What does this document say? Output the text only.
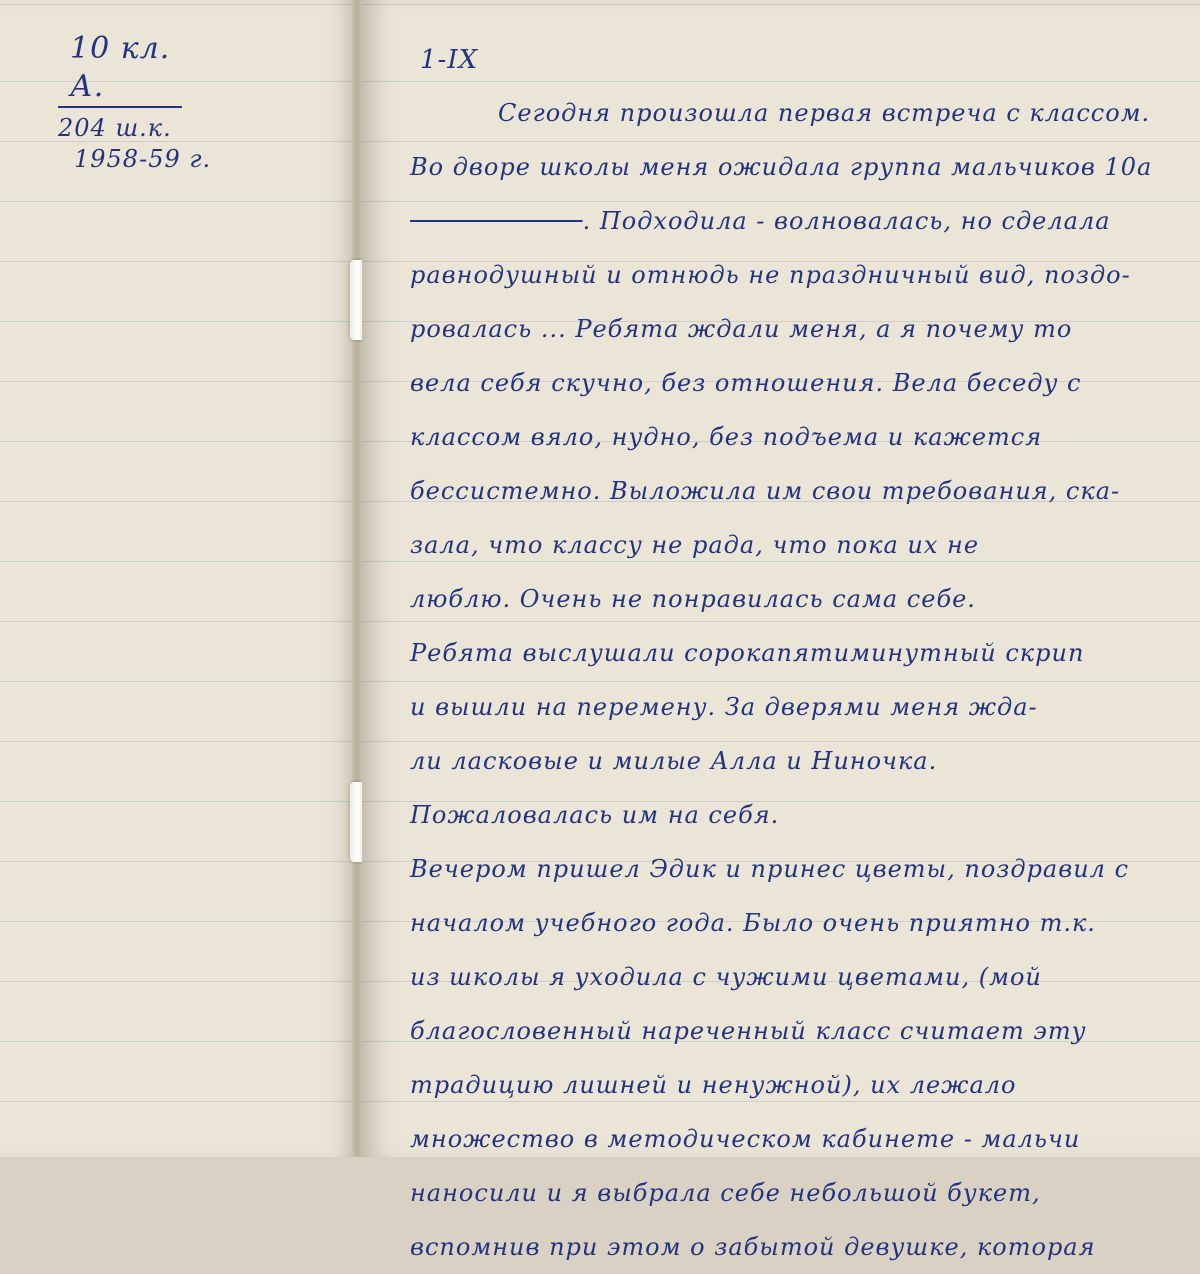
10 кл. А.
204 ш.к.
1958-59 г.
1-IX
Сегодня произошла первая встреча с классом.
Во дворе школы меня ожидала группа мальчиков 10а
. Подходила - волновалась, но сделала
равнодушный и отнюдь не праздничный вид, поздо-
ровалась ... Ребята ждали меня, а я почему то
вела себя скучно, без отношения. Вела беседу с
классом вяло, нудно, без подъема и кажется
бессистемно. Выложила им свои требования, ска-
зала, что классу не рада, что пока их не
люблю. Очень не понравилась сама себе.
Ребята выслушали сорокапятиминутный скрип
и вышли на перемену. За дверями меня жда-
ли ласковые и милые Алла и Ниночка.
Пожаловалась им на себя.
Вечером пришел Эдик и принес цветы, поздравил с
началом учебного года. Было очень приятно т.к.
из школы я уходила с чужими цветами, (мой
благословенный нареченный класс считает эту
традицию лишней и ненужной), их лежало
множество в методическом кабинете - мальчи
наносили и я выбрала себе небольшой букет,
вспомнив при этом о забытой девушке, которая
